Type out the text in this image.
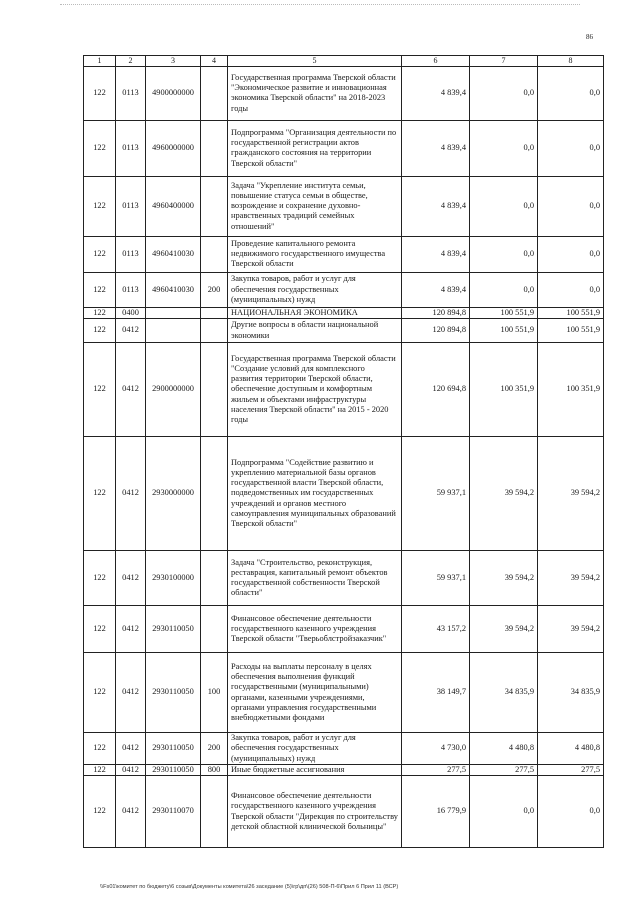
86
1	2	3	4	5	6	7	8
122	0113	4900000000		Государственная программа Тверской области "Экономическое развитие и инновационная экономика Тверской области" на 2018-2023 годы	4 839,4	0,0	0,0
122	0113	4960000000		Подпрограмма "Организация деятельности по государственной регистрации актов гражданского состояния на территории Тверской области"	4 839,4	0,0	0,0
122	0113	4960400000		Задача "Укрепление института семьи, повышение статуса семьи в обществе, возрождение и сохранение духовно-нравственных традиций семейных отношений"	4 839,4	0,0	0,0
122	0113	4960410030		Проведение капитального ремонта недвижимого государственного имущества Тверской области	4 839,4	0,0	0,0
122	0113	4960410030	200	Закупка товаров, работ и услуг для обеспечения государственных (муниципальных) нужд	4 839,4	0,0	0,0
122	0400			НАЦИОНАЛЬНАЯ ЭКОНОМИКА	120 894,8	100 551,9	100 551,9
122	0412			Другие вопросы в области национальной экономики	120 894,8	100 551,9	100 551,9
122	0412	2900000000		Государственная программа Тверской области "Создание условий для комплексного развития территории Тверской области, обеспечение доступным и комфортным жильем и объектами инфраструктуры населения Тверской области" на 2015 - 2020 годы	120 694,8	100 351,9	100 351,9
122	0412	2930000000		Подпрограмма "Содействие развитию и укреплению материальной базы органов государственной власти Тверской области, подведомственных им государственных учреждений и органов местного самоуправления муниципальных образований Тверской области"	59 937,1	39 594,2	39 594,2
122	0412	2930100000		Задача "Строительство, реконструкция, реставрация, капитальный ремонт объектов государственной собственности Тверской области"	59 937,1	39 594,2	39 594,2
122	0412	2930110050		Финансовое обеспечение деятельности государственного казенного учреждения Тверской области "Тверьоблстройзаказчик"	43 157,2	39 594,2	39 594,2
122	0412	2930110050	100	Расходы на выплаты персоналу в целях обеспечения выполнения функций государственными (муниципальными) органами, казенными учреждениями, органами управления государственными внебюджетными фондами	38 149,7	34 835,9	34 835,9
122	0412	2930110050	200	Закупка товаров, работ и услуг для обеспечения государственных (муниципальных) нужд	4 730,0	4 480,8	4 480,8
122	0412	2930110050	800	Иные бюджетные ассигнования	277,5	277,5	277,5
122	0412	2930110070		Финансовое обеспечение деятельности государственного казенного учреждения Тверской области "Дирекция по строительству детской областной клинической больницы"	16 779,9	0,0	0,0
\\Fs01\комитет по бюджету\6 созыв\Документы комитета\26 заседание (5)\гр\дп\(26) 508-П-6\Прил 6 Прил 11 (ВСР)
